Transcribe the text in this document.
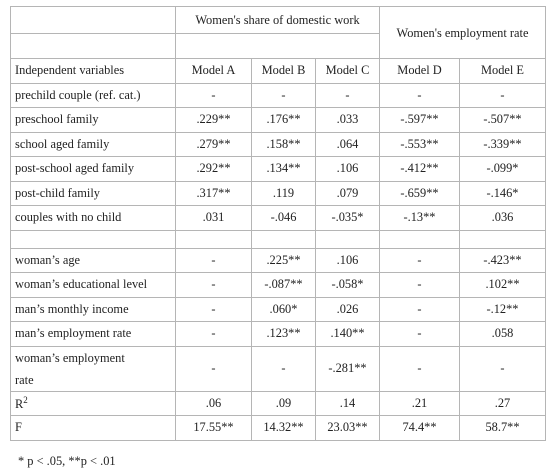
	Women's share of domestic work			Women's employment rate	

Independent variables	Model A	Model B	Model C	Model D	Model E
prechild couple (ref. cat.)	-	-	-	-	-
preschool family	.229**	.176**	.033	-.597**	-.507**
school aged family	.279**	.158**	.064	-.553**	-.339**
post-school aged family	.292**	.134**	.106	-.412**	-.099*
post-child family	.317**	.119	.079	-.659**	-.146*
couples with no child	.031	-.046	-.035*	-.13**	.036

woman’s age	-	.225**	.106	-	-.423**
woman’s educational level	-	-.087**	-.058*	-	.102**
man’s monthly income	-	.060*	.026	-	-.12**
man’s employment rate	-	.123**	.140**	-	.058
woman’s employment
rate	-	-	-.281**	-	-
$R^2$	.06	.09	.14	.21	.27
F	17.55**	14.32**	23.03**	74.4**	58.7**
* p < .05, **p < .01
